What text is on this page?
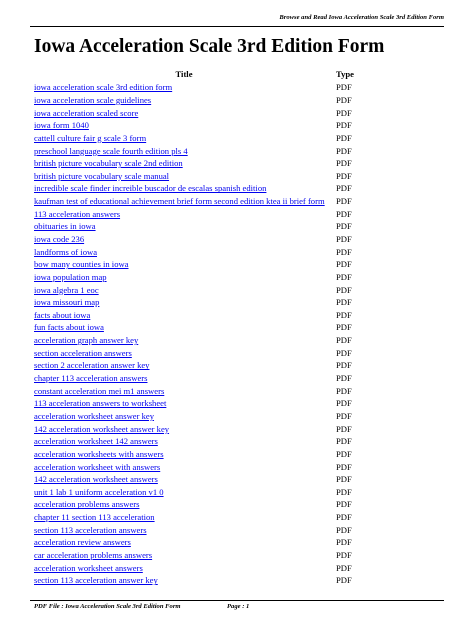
Browse and Read Iowa Acceleration Scale 3rd Edition Form
Iowa Acceleration Scale 3rd Edition Form
Title	Type
iowa acceleration scale 3rd edition form	PDF
iowa acceleration scale guidelines	PDF
iowa acceleration scaled score	PDF
iowa form 1040	PDF
cattell culture fair g scale 3 form	PDF
preschool language scale fourth edition pls 4	PDF
british picture vocabulary scale 2nd edition	PDF
british picture vocabulary scale manual	PDF
incredible scale finder increible buscador de escalas spanish edition	PDF
kaufman test of educational achievement brief form second edition ktea ii brief form	PDF
113 acceleration answers	PDF
obituaries in iowa	PDF
iowa code 236	PDF
landforms of iowa	PDF
bow many counties in iowa	PDF
iowa population map	PDF
iowa algebra 1 eoc	PDF
iowa missouri map	PDF
facts about iowa	PDF
fun facts about iowa	PDF
acceleration graph answer key	PDF
section acceleration answers	PDF
section 2 acceleration answer key	PDF
chapter 113 acceleration answers	PDF
constant acceleration mei m1 answers	PDF
113 acceleration answers to worksheet	PDF
acceleration worksheet answer key	PDF
142 acceleration worksheet answer key	PDF
acceleration worksheet 142 answers	PDF
acceleration worksheets with answers	PDF
acceleration worksheet with answers	PDF
142 acceleration worksheet answers	PDF
unit 1 lab 1 uniform acceleration v1 0	PDF
acceleration problems answers	PDF
chapter 11 section 113 acceleration	PDF
section 113 acceleration answers	PDF
acceleration review answers	PDF
car acceleration problems answers	PDF
acceleration worksheet answers	PDF
section 113 acceleration answer key	PDF
PDF File : Iowa Acceleration Scale 3rd Edition Form	Page : 1
